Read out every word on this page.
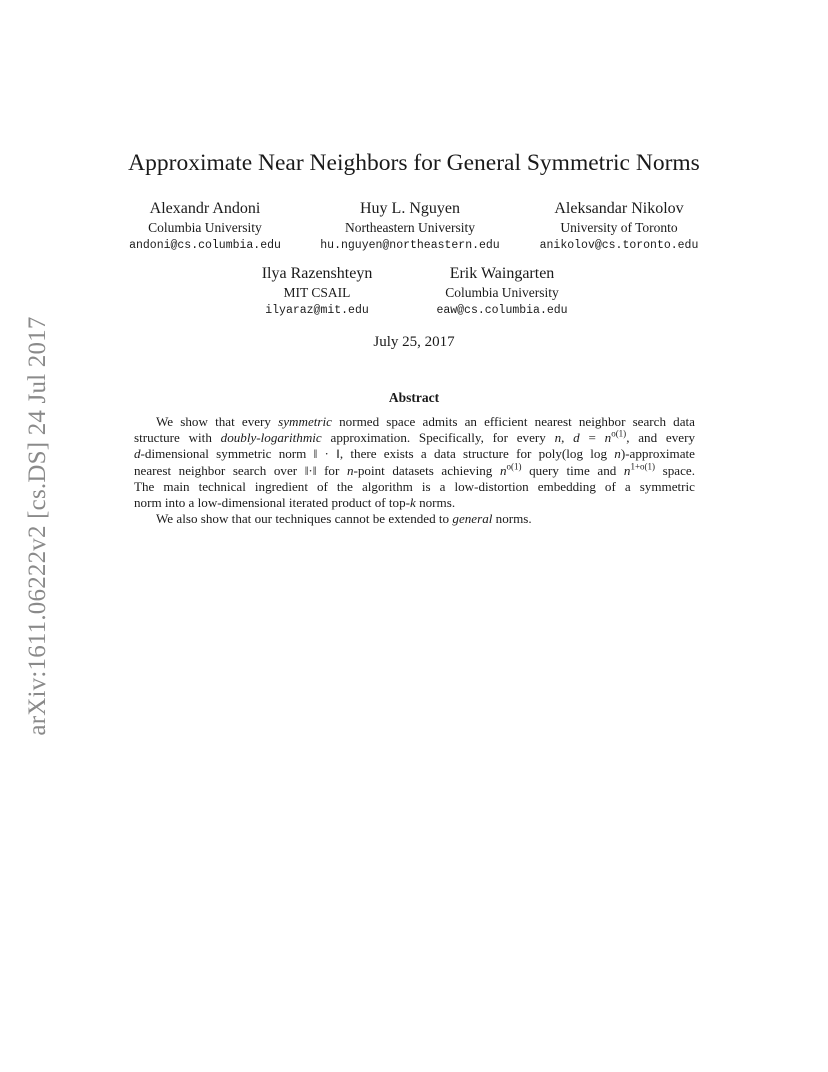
arXiv:1611.06222v2 [cs.DS] 24 Jul 2017
Approximate Near Neighbors for General Symmetric Norms
Alexandr Andoni
Columbia University
andoni@cs.columbia.edu
Huy L. Nguyen
Northeastern University
hu.nguyen@northeastern.edu
Aleksandar Nikolov
University of Toronto
anikolov@cs.toronto.edu
Ilya Razenshteyn
MIT CSAIL
ilyaraz@mit.edu
Erik Waingarten
Columbia University
eaw@cs.columbia.edu
July 25, 2017
Abstract

We show that every symmetric normed space admits an efficient nearest neighbor search data

structure with doubly-logarithmic approximation. Specifically, for every n, $d = n^{o(1)}$, and every
d-dimensional symmetric norm ‖ · ‖, there exists a data structure for poly(log log n)-approximate
nearest neighbor search over ‖·‖ for n-point datasets achieving $n^{o(1)}$ query time and $n^{1+o(1)}$ space.
The main technical ingredient of the algorithm is a low-distortion embedding of a symmetric
norm into a low-dimensional iterated product of top-k norms.

We also show that our techniques cannot be extended to general norms.
